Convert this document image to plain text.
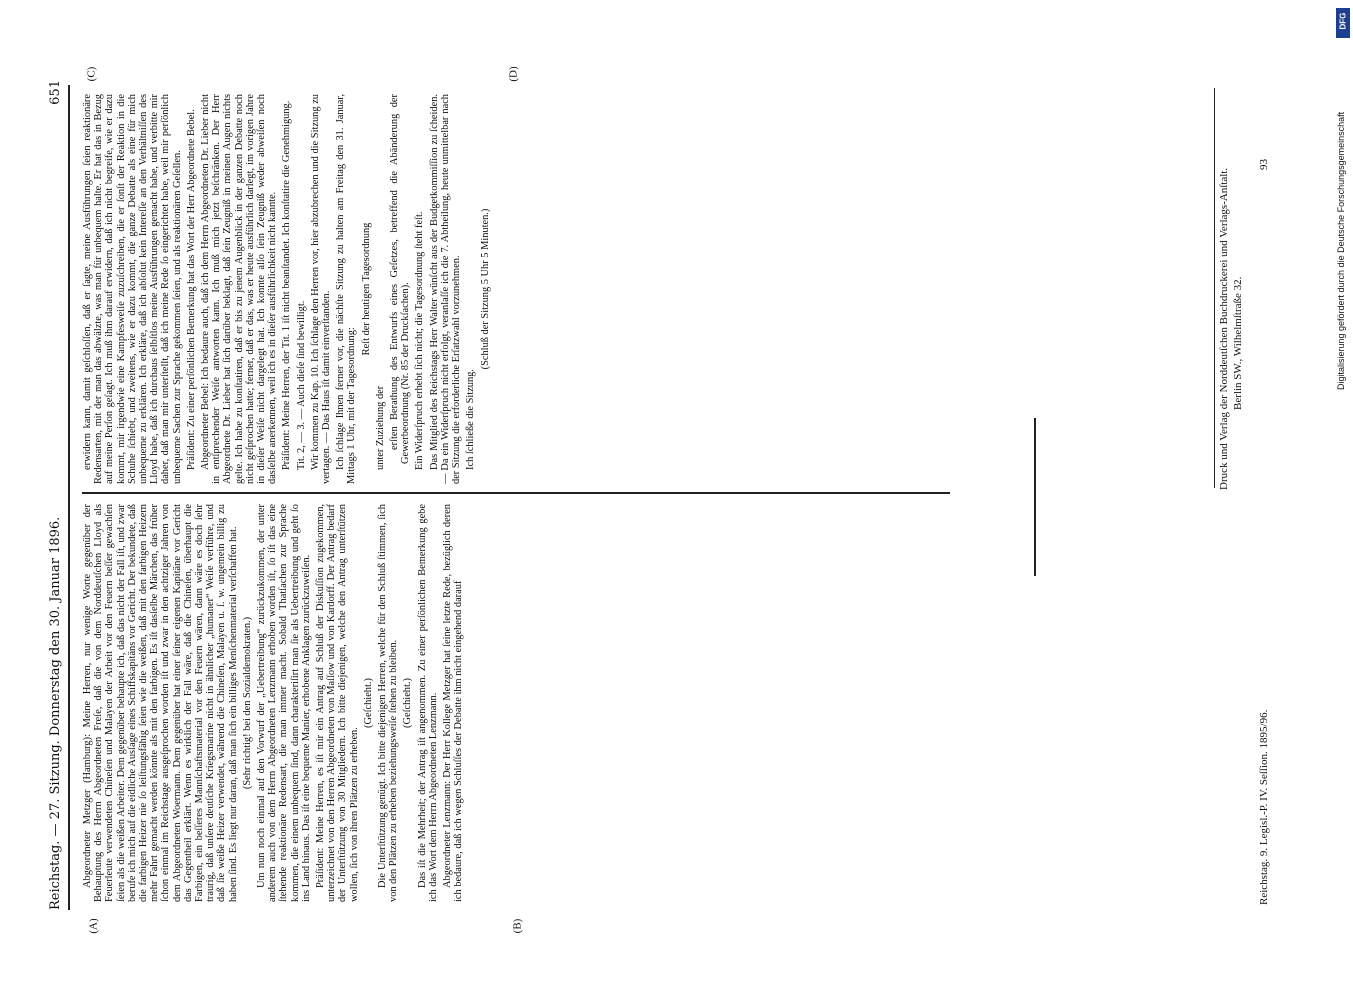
Reichstag. — 27. Sitzung. Donnerstag den 30. Januar 1896.
651

Abgeordneter Metzger (Hamburg): Meine Herren, nur wenige Worte gegenüber der Behauptung des Herrn Abgeordneten Freſe, daß die von dem Norddeutſchen Lloyd als Feuerleute verwendeten Chineſen und Malayen der Arbeit vor den Feuern beſſer gewachſen ſeien als die weißen Arbeiter. Dem gegenüber behaupte ich, daß das nicht der Fall iſt, und zwar berufe ich mich auf die eidliche Ausſage eines Schiffskapitäns vor Gericht. Der bekundete, daß die farbigen Heizer nie ſo leiſtungsfähig ſeien wie die weißen, daß mit den farbigen Heizern mehr Fahrt gemacht werden könnte als mit den farbigen. Es iſt dasſelbe Märchen, das früher ſchon einmal im Reichstage ausgeſprochen worden iſt und zwar in den achtziger Jahren von dem Abgeordneten Woermann. Dem gegenüber hat einer ſeiner eigenen Kapitäne vor Gericht das Gegentheil erklärt. Wenn es wirklich der Fall wäre, daß die Chineſen, überhaupt die Farbigen, ein beſſeres Mannſchaftsmaterial vor den Feuern wären, dann wäre es doch ſehr traurig, daß unſere deutſche Kriegsmarine nicht in ähnlicher „humaner“ Weiſe verführe, und daß ſie weiße Heizer verwendet, während die Chineſen, Malayen u. ſ. w. ungemein billig zu haben ſind. Es liegt nur daran, daß man ſich ein billiges Menſchenmaterial verſchaffen hat. (Sehr richtig! bei den Sozialdemokraten.) Um nun noch einmal auf den Vorwurf der „Uebertreibung“ zurückzukommen, der unter anderem auch von dem Herrn Abgeordneten Lenzmann erhoben worden iſt, ſo iſt das eine ſtehende reaktionäre Redensart, die man immer macht. Sobald Thatſachen zur Sprache kommen, die einem unbequem ſind, dann charakteriſirt man ſie als Uebertreibung und geht ſo ins Land hinaus. Das iſt eine bequeme Manier, erhobene Anklagen zurückzuweiſen. Präſident: Meine Herren, es iſt mir ein Antrag auf Schluß der Diskuſſion zugekommen, unterzeichnet von den Herren Abgeordneten von Maſſow und von Kardorff. Der Antrag bedarf der Unterſtützung von 30 Mitgliedern. Ich bitte diejenigen, welche den Antrag unterſtützen wollen, ſich von ihren Plätzen zu erheben.

(Geſchieht.) Die Unterſtützung genügt. Ich bitte diejenigen Herren, welche für den Schluß ſtimmen, ſich von den Plätzen zu erheben beziehungsweiſe ſtehen zu bleiben. (Geſchieht.) Das iſt die Mehrheit; der Antrag iſt angenommen. Zu einer perſönlichen Bemerkung gebe ich das Wort dem Herrn Abgeordneten Lenzmann. Abgeordneter Lenzmann: Der Herr Kollege Metzger hat ſeine letzte Rede, bezüglich deren ich bedaure, daß ich wegen Schluſſes der Debatte ihm nicht eingehend darauf

erwidern kann, damit geſchloſſen, daß er ſagte, meine Ausführungen ſeien reaktionäre Redensarten, mit der man das abwälzte, was man für unbequem halte. Er hat das in Bezug auf meine Perſon geſagt. Ich muß ihm darauf erwidern, daß ich nicht begreife, wie er dazu kommt, mir irgendwie eine Kampfesweiſe zuzuſchreiben, die er ſonſt der Reaktion in die Schuhe ſchiebt, und zweitens, wie er dazu kommt, die ganze Debatte als eine für mich unbequeme zu erklären. Ich erkläre, daß ich abſolut kein Intereſſe an den Verhältniſſen des Lloyd habe, daß ich durchaus ſelbſtlos meine Ausführungen gemacht habe, und verbitte mir daher, daß man mir unterſtellt, daß ich meine Rede ſo eingerichtet habe, weil mir perſönlich unbequeme Sachen zur Sprache gekommen ſeien, und als reaktionären Geſellen. Präſident: Zu einer perſönlichen Bemerkung hat das Wort der Herr Abgeordnete Bebel. Abgeordneter Bebel: Ich bedaure auch, daß ich dem Herrn Abgeordneten Dr. Lieber nicht in entſprechender Weiſe antworten kann. Ich muß mich jetzt beſchränken. Der Herr Abgeordnete Dr. Lieber hat ſich darüber beklagt, daß ſein Zeugniß in meinen Augen nichts gelte. Ich habe zu konſtatiren, daß er bis zu jenem Augenblick in der ganzen Debatte noch nicht geſprochen hatte; ferner, daß er das, was er heute ausführlich darlegt, im vorigen Jahre in dieſer Weiſe nicht dargelegt hat. Ich konnte alſo ſein Zeugniß weder abweiſen noch dasſelbe anerkennen, weil ich es in dieſer ausführlichkeit nicht kannte. Präſident: Meine Herren, der Tit. 1 iſt nicht beanſtandet. Ich konſtatire die Genehmigung. Tit. 2, — 3. — Auch dieſe ſind bewilligt. Wir kommen zu Kap. 10. Ich ſchlage den Herren vor, hier abzubrechen und die Sitzung zu vertagen. — Das Haus iſt damit einverſtanden. Ich ſchlage Ihnen ferner vor, die nächſte Sitzung zu halten am Freitag den 31. Januar, Mittags 1 Uhr, mit der Tagesordnung:

Reſt der heutigen Tagesordnung

unter Zuziehung der erſten Berathung des Entwurfs eines Geſetzes, betreffend die Abänderung der Gewerbeordnung (Nr. 85 der Druckſachen). Ein Widerſpruch erhebt ſich nicht; die Tagesordnung ſteht feſt. Das Mitglied des Reichstags Herr Walter wünſcht aus der Budgetkommiſſion zu ſcheiden. — Da ein Widerſpruch nicht erfolgt, veranlaſſe ich die 7. Abtheilung, heute unmittelbar nach der Sitzung die erforderliche Erſatzwahl vorzunehmen. Ich ſchließe die Sitzung.

(Schluß der Sitzung 5 Uhr 5 Minuten.)

(A)	(B)
(C)	(D)
Reichstag. 9. Legisl.-P. IV. Seſſion. 1895/96.
Druck und Verlag der Norddeutſchen Buchdruckerei und Verlags-Anſtalt. Berlin SW., Wilhelmſtraße 32.
93	Digitalisierung gefördert durch die Deutsche Forschungsgemeinschaft
DFG
